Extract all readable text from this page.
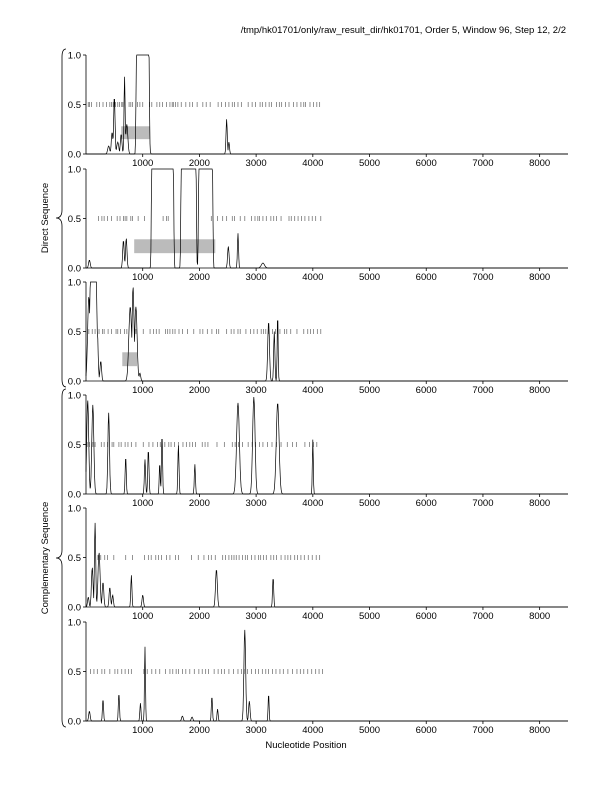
/tmp/hk01701/only/raw_result_dir/hk01701, Order 5, Window 96, Step 12, 2/2
0.0
0.5
1.0
1000	2000	3000	4000	5000	6000	7000	8000
0.0
0.5
1.0
1000	2000	3000	4000	5000	6000	7000	8000
0.0
0.5
1.0
1000	2000	3000	4000	5000	6000	7000	8000
0.0
0.5
1.0
1000	2000	3000	4000	5000	6000	7000	8000
0.0
0.5
1.0
1000	2000	3000	4000	5000	6000	7000	8000
0.0
0.5
1.0
1000	2000	3000	4000	5000	6000	7000	8000
Direct Sequence
Complementary Sequence
Nucleotide Position
